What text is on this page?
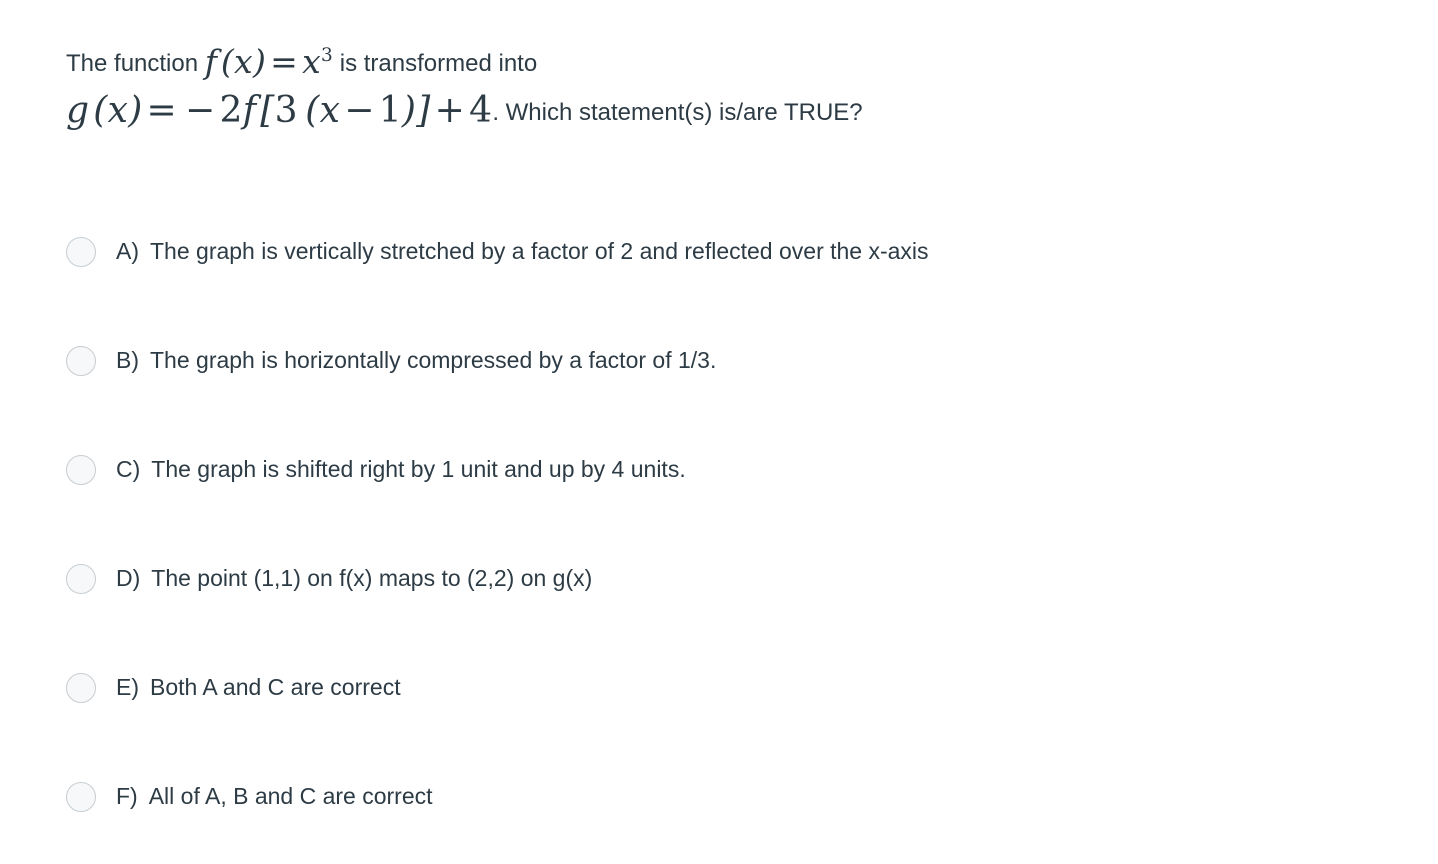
The function f $(x) = x^3$ is transformed into
g (x) = − 2f [3 (x − 1)] + 4. Which statement(s) is/are TRUE?
A) The graph is vertically stretched by a factor of 2 and reflected over the x-axis
B) The graph is horizontally compressed by a factor of 1/3.
C) The graph is shifted right by 1 unit and up by 4 units.
D) The point (1,1) on f(x) maps to (2,2) on g(x)
E) Both A and C are correct
F) All of A, B and C are correct
